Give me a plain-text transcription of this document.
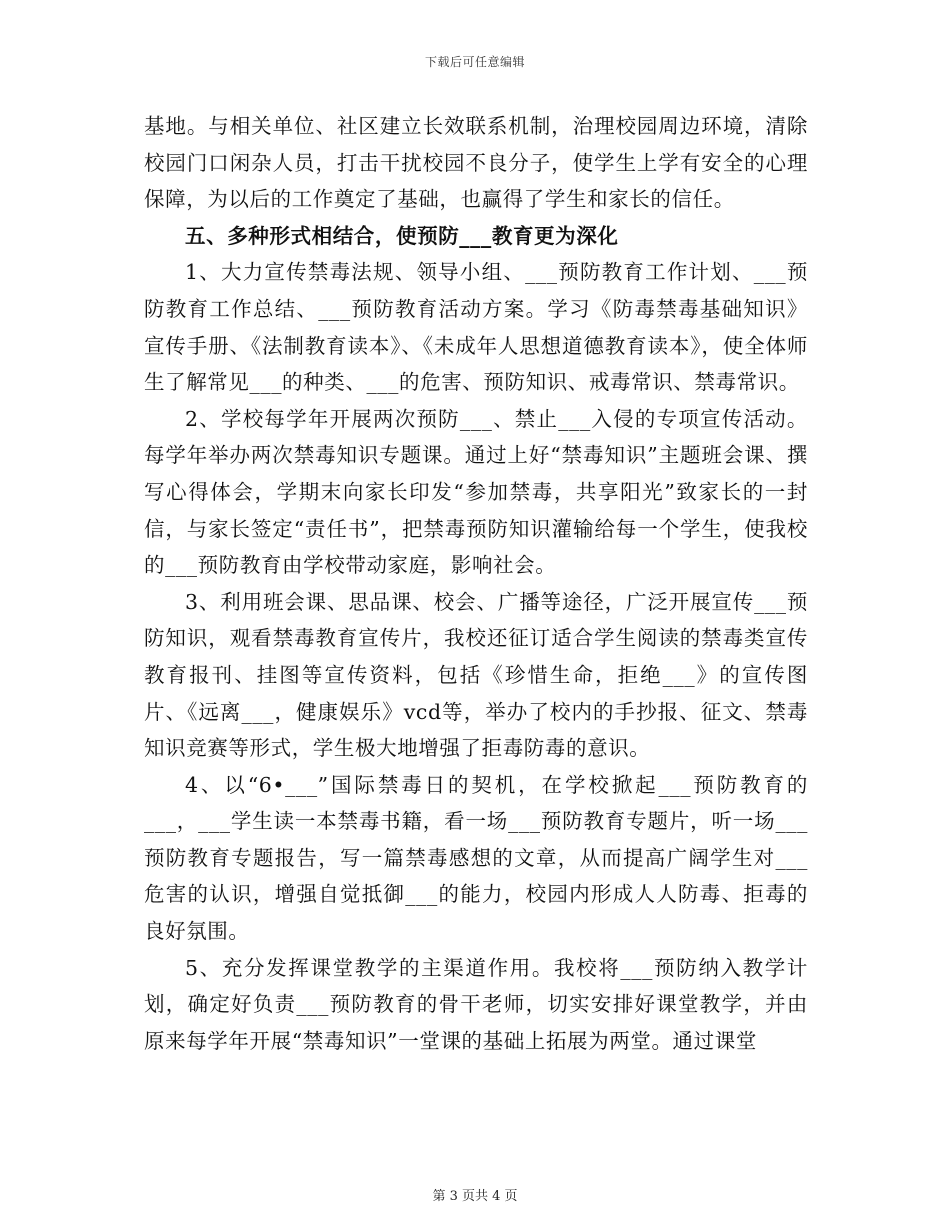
下载后可任意编辑

基地。与相关单位、社区建立长效联系机制，治理校园周边环境，清除校园门口闲杂人员，打击干扰校园不良分子，使学生上学有安全的心理保障，为以后的工作奠定了基础，也赢得了学生和家长的信任。

五、多种形式相结合，使预防___教育更为深化

1、大力宣传禁毒法规、领导小组、___预防教育工作计划、___预防教育工作总结、___预防教育活动方案。学习《防毒禁毒基础知识》宣传手册、《法制教育读本》、《未成年人思想道德教育读本》，使全体师生了解常见___的种类、___的危害、预防知识、戒毒常识、禁毒常识。

2、学校每学年开展两次预防___、禁止___入侵的专项宣传活动。每学年举办两次禁毒知识专题课。通过上好“禁毒知识”主题班会课、撰写心得体会，学期末向家长印发“参加禁毒，共享阳光”致家长的一封信，与家长签定“责任书”，把禁毒预防知识灌输给每一个学生，使我校的___预防教育由学校带动家庭，影响社会。

3、利用班会课、思品课、校会、广播等途径，广泛开展宣传___预防知识，观看禁毒教育宣传片，我校还征订适合学生阅读的禁毒类宣传教育报刊、挂图等宣传资料，包括《珍惜生命，拒绝___》的宣传图片、《远离___，健康娱乐》vcd等，举办了校内的手抄报、征文、禁毒知识竞赛等形式，学生极大地增强了拒毒防毒的意识。

4、以“6•___”国际禁毒日的契机，在学校掀起___预防教育的___，___学生读一本禁毒书籍，看一场___预防教育专题片，听一场___预防教育专题报告，写一篇禁毒感想的文章，从而提高广阔学生对___危害的认识，增强自觉抵御___的能力，校园内形成人人防毒、拒毒的良好氛围。

5、充分发挥课堂教学的主渠道作用。我校将___预防纳入教学计划，确定好负责___预防教育的骨干老师，切实安排好课堂教学，并由原来每学年开展“禁毒知识”一堂课的基础上拓展为两堂。通过课堂

第 3 页共 4 页
